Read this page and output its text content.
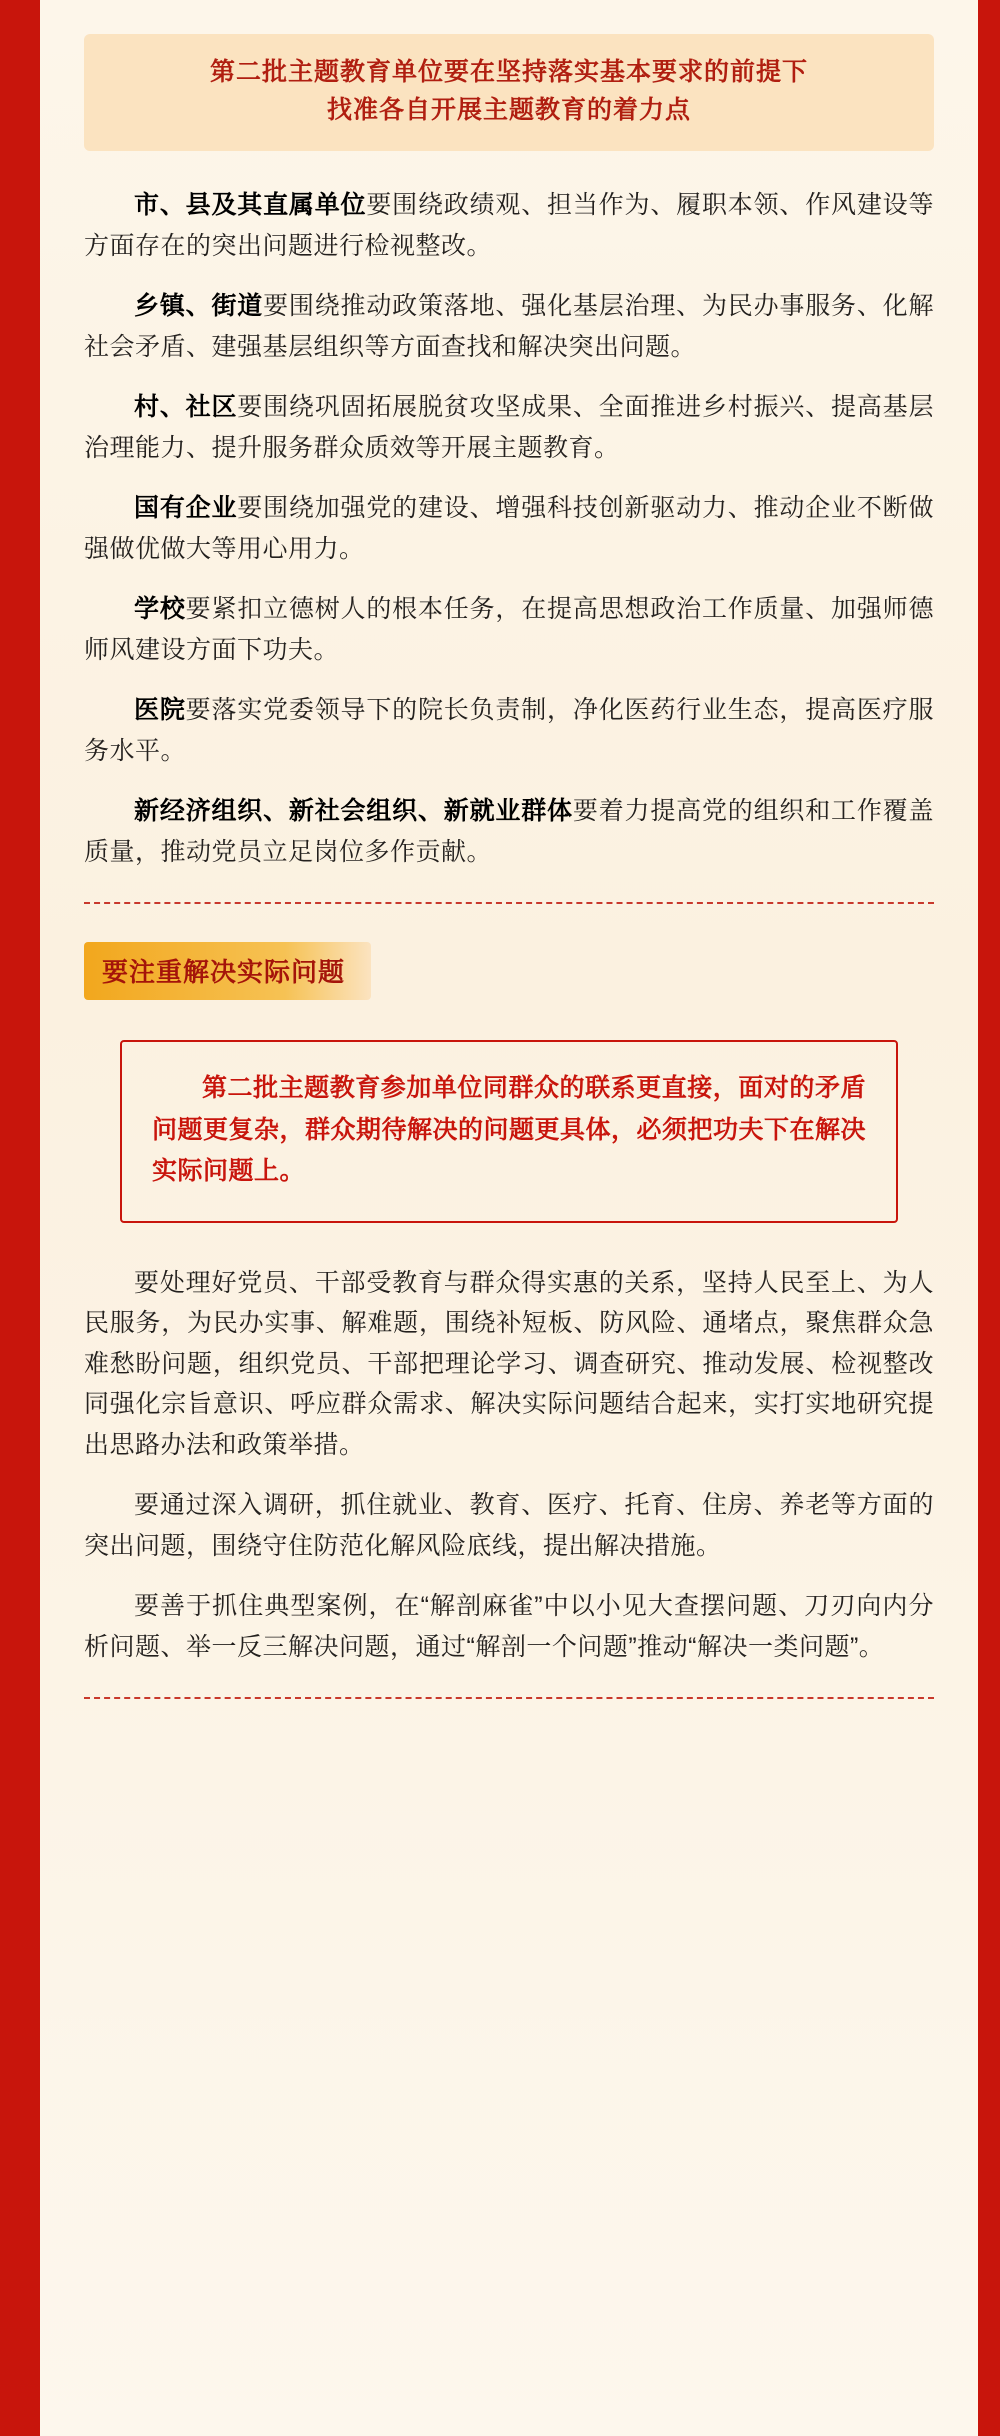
第二批主题教育单位要在坚持落实基本要求的前提下
找准各自开展主题教育的着力点

市、县及其直属单位要围绕政绩观、担当作为、履职本领、作风建设等方面存在的突出问题进行检视整改。

乡镇、街道要围绕推动政策落地、强化基层治理、为民办事服务、化解社会矛盾、建强基层组织等方面查找和解决突出问题。

村、社区要围绕巩固拓展脱贫攻坚成果、全面推进乡村振兴、提高基层治理能力、提升服务群众质效等开展主题教育。

国有企业要围绕加强党的建设、增强科技创新驱动力、推动企业不断做强做优做大等用心用力。

学校要紧扣立德树人的根本任务，在提高思想政治工作质量、加强师德师风建设方面下功夫。

医院要落实党委领导下的院长负责制，净化医药行业生态，提高医疗服务水平。

新经济组织、新社会组织、新就业群体要着力提高党的组织和工作覆盖质量，推动党员立足岗位多作贡献。

要注重解决实际问题

第二批主题教育参加单位同群众的联系更直接，面对的矛盾问题更复杂，群众期待解决的问题更具体，必须把功夫下在解决实际问题上。

要处理好党员、干部受教育与群众得实惠的关系，坚持人民至上、为人民服务，为民办实事、解难题，围绕补短板、防风险、通堵点，聚焦群众急难愁盼问题，组织党员、干部把理论学习、调查研究、推动发展、检视整改同强化宗旨意识、呼应群众需求、解决实际问题结合起来，实打实地研究提出思路办法和政策举措。

要通过深入调研，抓住就业、教育、医疗、托育、住房、养老等方面的突出问题，围绕守住防范化解风险底线，提出解决措施。

要善于抓住典型案例，在“解剖麻雀”中以小见大查摆问题、刀刃向内分析问题、举一反三解决问题，通过“解剖一个问题”推动“解决一类问题”。
